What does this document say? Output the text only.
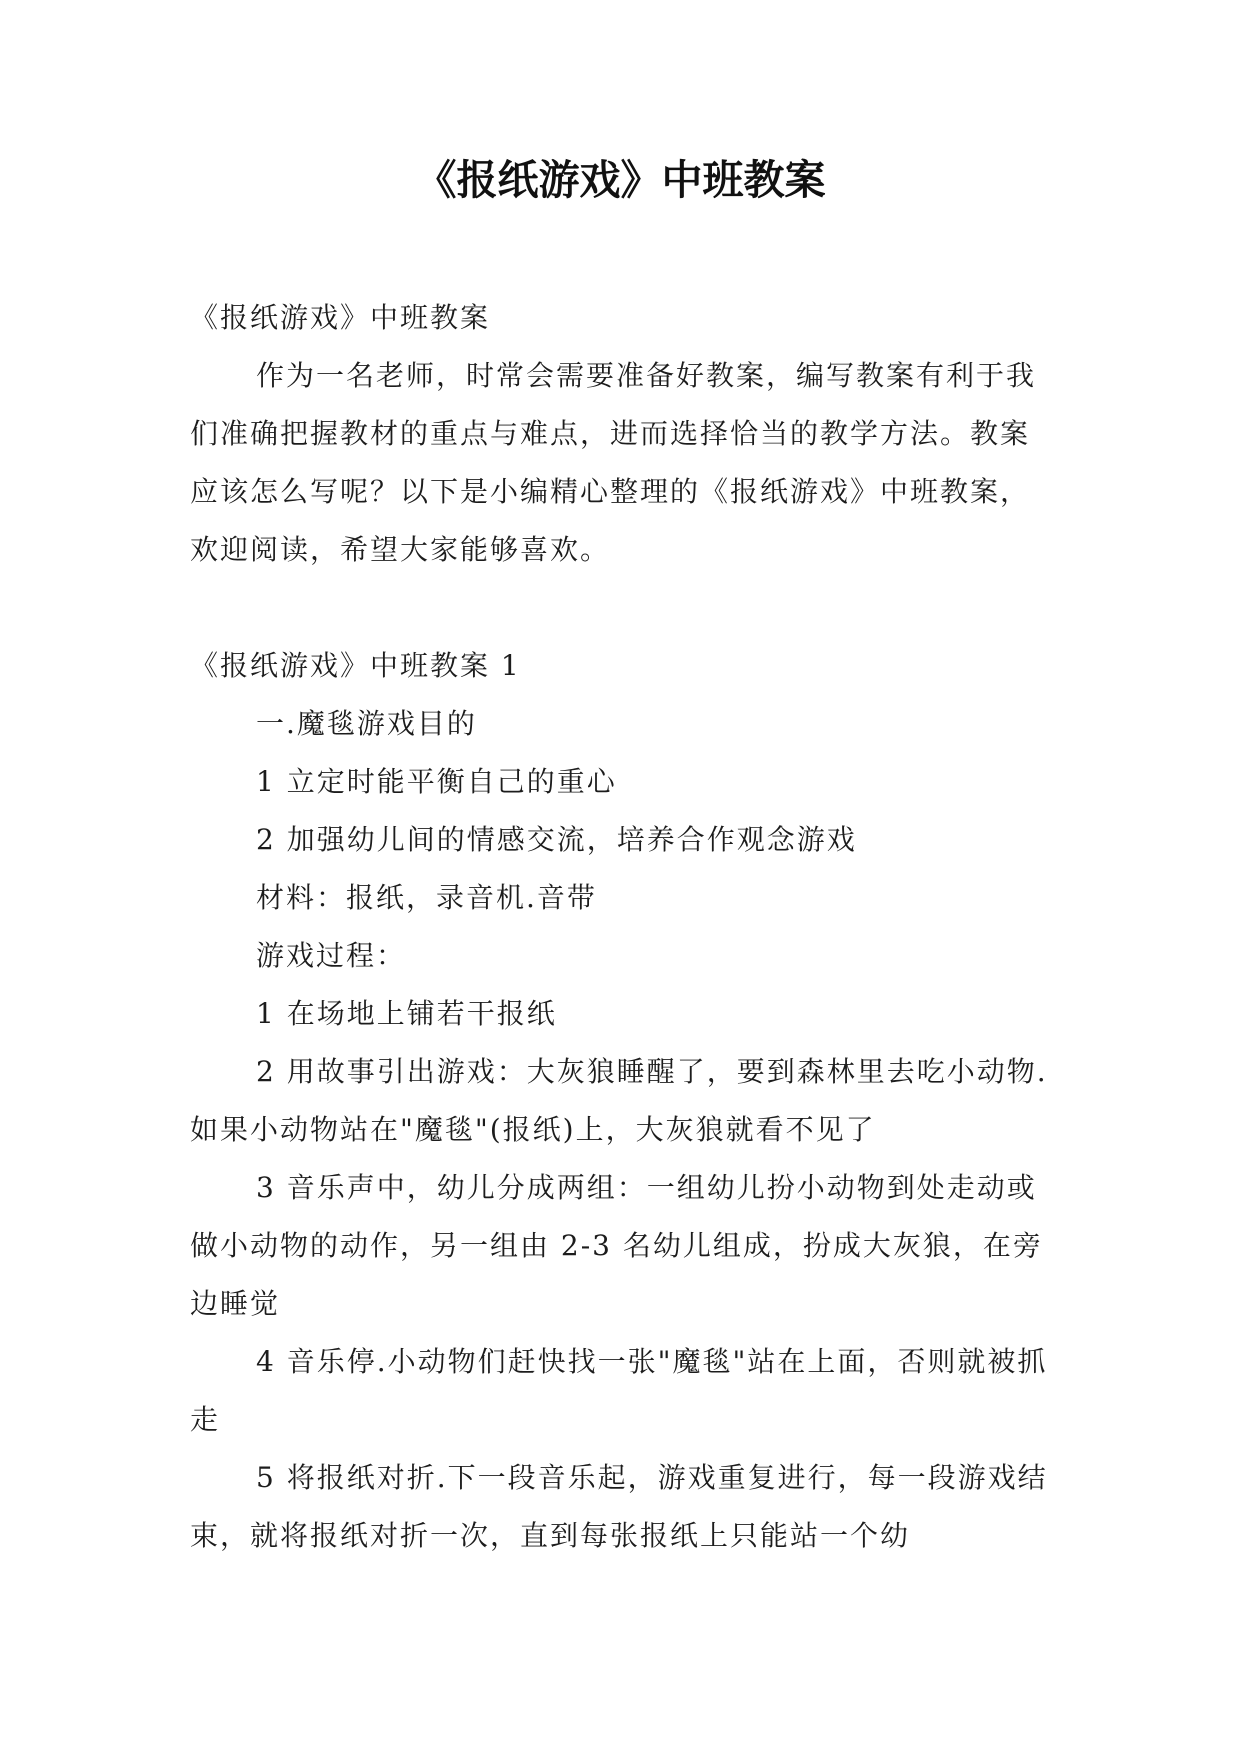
《报纸游戏》中班教案

《报纸游戏》中班教案

作为一名老师，时常会需要准备好教案，编写教案有利于我们准确把握教材的重点与难点，进而选择恰当的教学方法。教案应该怎么写呢？以下是小编精心整理的《报纸游戏》中班教案，欢迎阅读，希望大家能够喜欢。

《报纸游戏》中班教案 1

一.魔毯游戏目的

1 立定时能平衡自己的重心

2 加强幼儿间的情感交流，培养合作观念游戏

材料：报纸，录音机.音带

游戏过程：

1 在场地上铺若干报纸

2 用故事引出游戏：大灰狼睡醒了，要到森林里去吃小动物.如果小动物站在"魔毯"(报纸)上，大灰狼就看不见了

3 音乐声中，幼儿分成两组：一组幼儿扮小动物到处走动或做小动物的动作，另一组由 2-3 名幼儿组成，扮成大灰狼，在旁边睡觉

4 音乐停.小动物们赶快找一张"魔毯"站在上面，否则就被抓走

5 将报纸对折.下一段音乐起，游戏重复进行，每一段游戏结束，就将报纸对折一次，直到每张报纸上只能站一个幼
